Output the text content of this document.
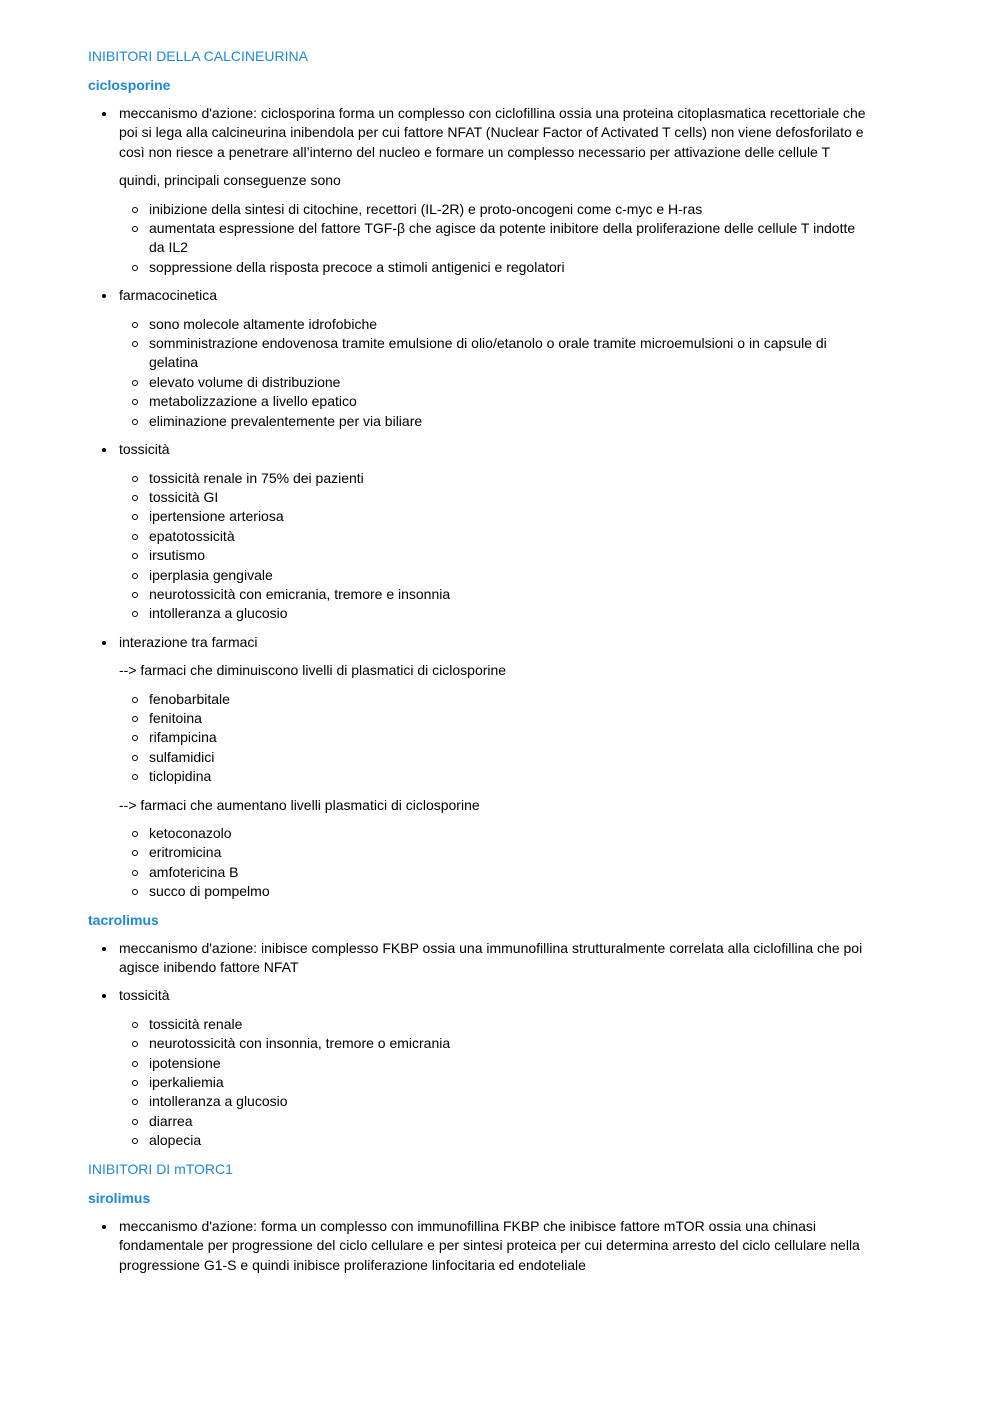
INIBITORI DELLA CALCINEURINA
ciclosporine
meccanismo d'azione: ciclosporina forma un complesso con ciclofillina ossia una proteina citoplasmatica recettoriale che poi si lega alla calcineurina inibendola per cui fattore NFAT (Nuclear Factor of Activated T cells) non viene defosforilato e così non riesce a penetrare all’interno del nucleo e formare un complesso necessario per attivazione delle cellule T
quindi, principali conseguenze sono
inibizione della sintesi di citochine, recettori (IL-2R) e proto-oncogeni come c-myc e H-ras
aumentata espressione del fattore TGF-β che agisce da potente inibitore della proliferazione delle cellule T indotte da IL2
soppressione della risposta precoce a stimoli antigenici e regolatori
farmacocinetica
sono molecole altamente idrofobiche
somministrazione endovenosa tramite emulsione di olio/etanolo o orale tramite microemulsioni o in capsule di gelatina
elevato volume di distribuzione
metabolizzazione a livello epatico
eliminazione prevalentemente per via biliare
tossicità
tossicità renale in 75% dei pazienti
tossicità GI
ipertensione arteriosa
epatotossicità
irsutismo
iperplasia gengivale
neurotossicità con emicrania, tremore e insonnia
intolleranza a glucosio
interazione tra farmaci
--> farmaci che diminuiscono livelli di plasmatici di ciclosporine
fenobarbitale
fenitoina
rifampicina
sulfamidici
ticlopidina
--> farmaci che aumentano livelli plasmatici di ciclosporine
ketoconazolo
eritromicina
amfotericina B
succo di pompelmo
tacrolimus
meccanismo d'azione: inibisce complesso FKBP ossia una immunofillina strutturalmente correlata alla ciclofillina che poi agisce inibendo fattore NFAT
tossicità
tossicità renale
neurotossicità con insonnia, tremore o emicrania
ipotensione
iperkaliemia
intolleranza a glucosio
diarrea
alopecia
INIBITORI DI mTORC1
sirolimus
meccanismo d'azione: forma un complesso con immunofillina FKBP che inibisce fattore mTOR ossia una chinasi fondamentale per progressione del ciclo cellulare e per sintesi proteica per cui determina arresto del ciclo cellulare nella progressione G1-S e quindi inibisce proliferazione linfocitaria ed endoteliale
